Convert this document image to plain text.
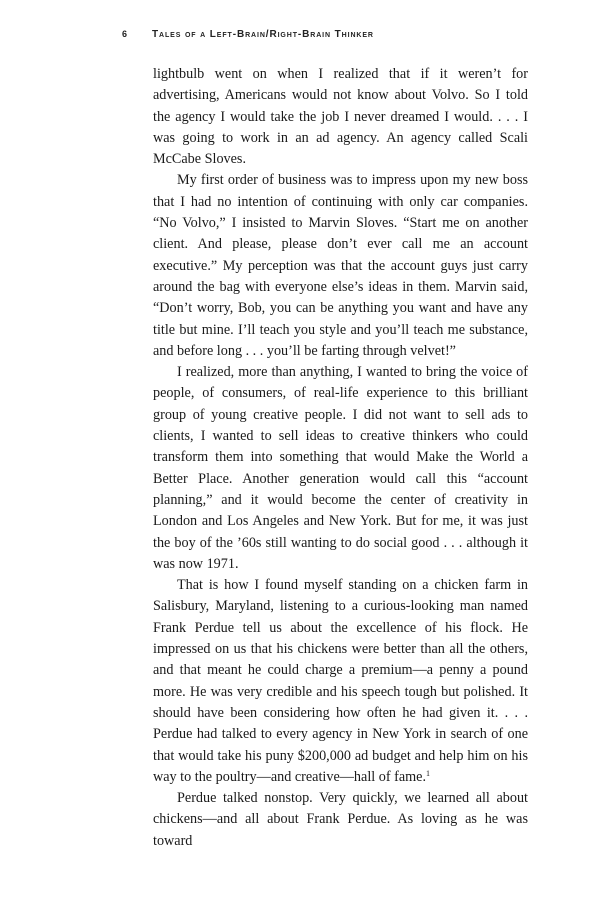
6 Tales of a Left-Brain/Right-Brain Thinker

lightbulb went on when I realized that if it weren’t for advertising, Americans would not know about Volvo. So I told the agency I would take the job I never dreamed I would. . . . I was going to work in an ad agency. An agency called Scali McCabe Sloves.

My first order of business was to impress upon my new boss that I had no intention of continuing with only car companies. “No Volvo,” I insisted to Marvin Sloves. “Start me on another client. And please, please don’t ever call me an account executive.” My perception was that the account guys just carry around the bag with everyone else’s ideas in them. Marvin said, “Don’t worry, Bob, you can be anything you want and have any title but mine. I’ll teach you style and you’ll teach me substance, and before long . . . you’ll be farting through velvet!”

I realized, more than anything, I wanted to bring the voice of people, of consumers, of real-life experience to this brilliant group of young creative people. I did not want to sell ads to clients, I wanted to sell ideas to creative thinkers who could transform them into something that would Make the World a Better Place. Another generation would call this “account planning,” and it would become the center of creativity in London and Los Angeles and New York. But for me, it was just the boy of the ’60s still wanting to do social good . . . although it was now 1971.

That is how I found myself standing on a chicken farm in Salisbury, Maryland, listening to a curious-looking man named Frank Perdue tell us about the excellence of his flock. He impressed on us that his chickens were better than all the others, and that meant he could charge a premium—a penny a pound more. He was very credible and his speech tough but polished. It should have been considering how often he had given it. . . . Perdue had talked to every agency in New York in search of one that would take his puny $200,000 ad budget and help him on his way to the poultry—and creative—hall of fame.$^1$

Perdue talked nonstop. Very quickly, we learned all about chickens—and all about Frank Perdue. As loving as he was toward
